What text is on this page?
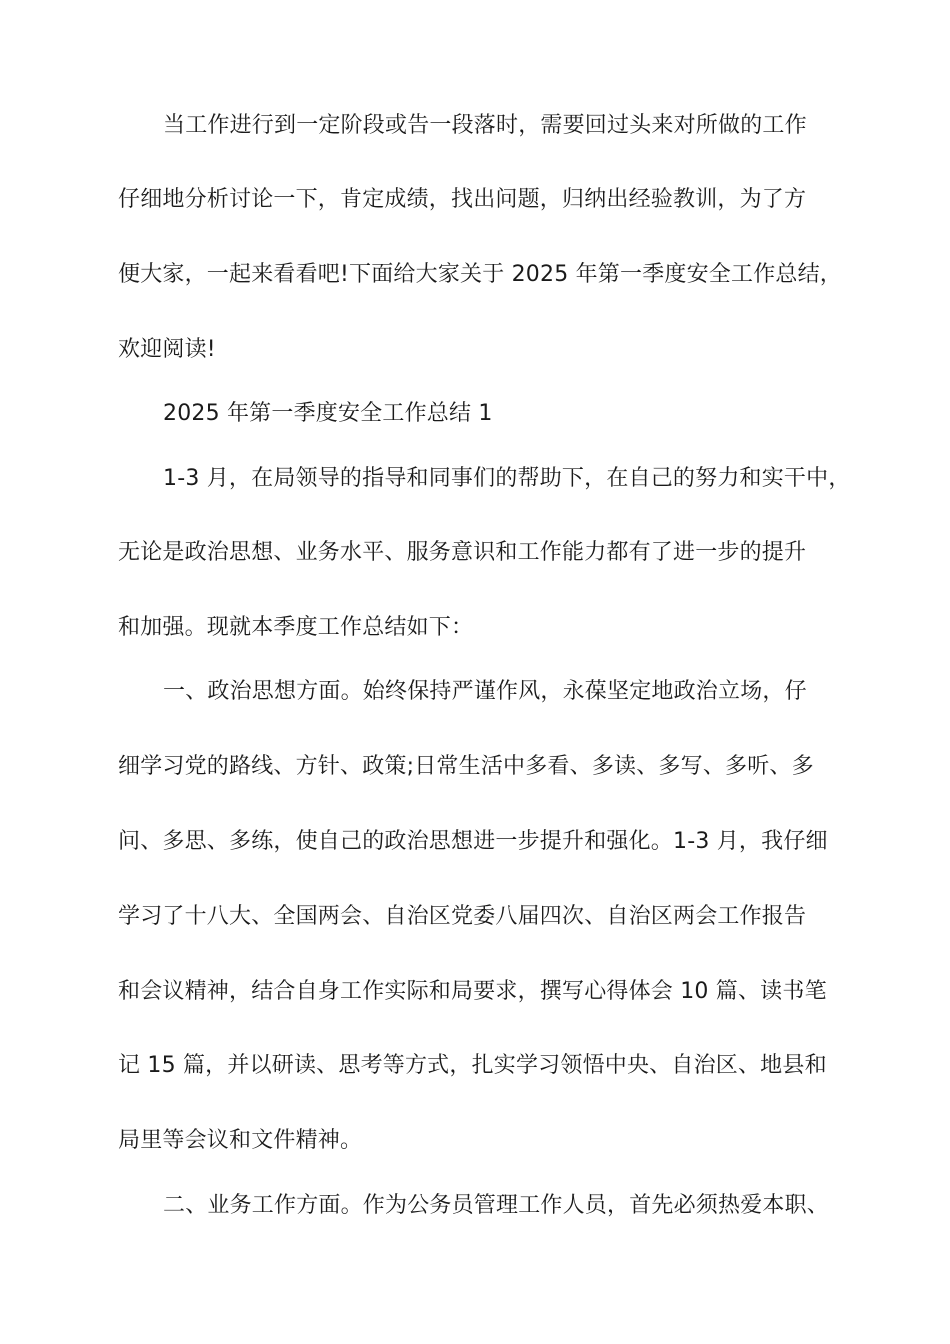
当工作进行到一定阶段或告一段落时，需要回过头来对所做的工作
仔细地分析讨论一下，肯定成绩，找出问题，归纳出经验教训，为了方
便大家，一起来看看吧!下面给大家关于 2025 年第一季度安全工作总结，
欢迎阅读!
2025 年第一季度安全工作总结 1
1-3 月，在局领导的指导和同事们的帮助下，在自己的努力和实干中，
无论是政治思想、业务水平、服务意识和工作能力都有了进一步的提升
和加强。现就本季度工作总结如下：
一、政治思想方面。始终保持严谨作风，永葆坚定地政治立场，仔
细学习党的路线、方针、政策;日常生活中多看、多读、多写、多听、多
问、多思、多练，使自己的政治思想进一步提升和强化。1-3 月，我仔细
学习了十八大、全国两会、自治区党委八届四次、自治区两会工作报告
和会议精神，结合自身工作实际和局要求，撰写心得体会 10 篇、读书笔
记 15 篇，并以研读、思考等方式，扎实学习领悟中央、自治区、地县和
局里等会议和文件精神。
二、业务工作方面。作为公务员管理工作人员，首先必须热爱本职、
